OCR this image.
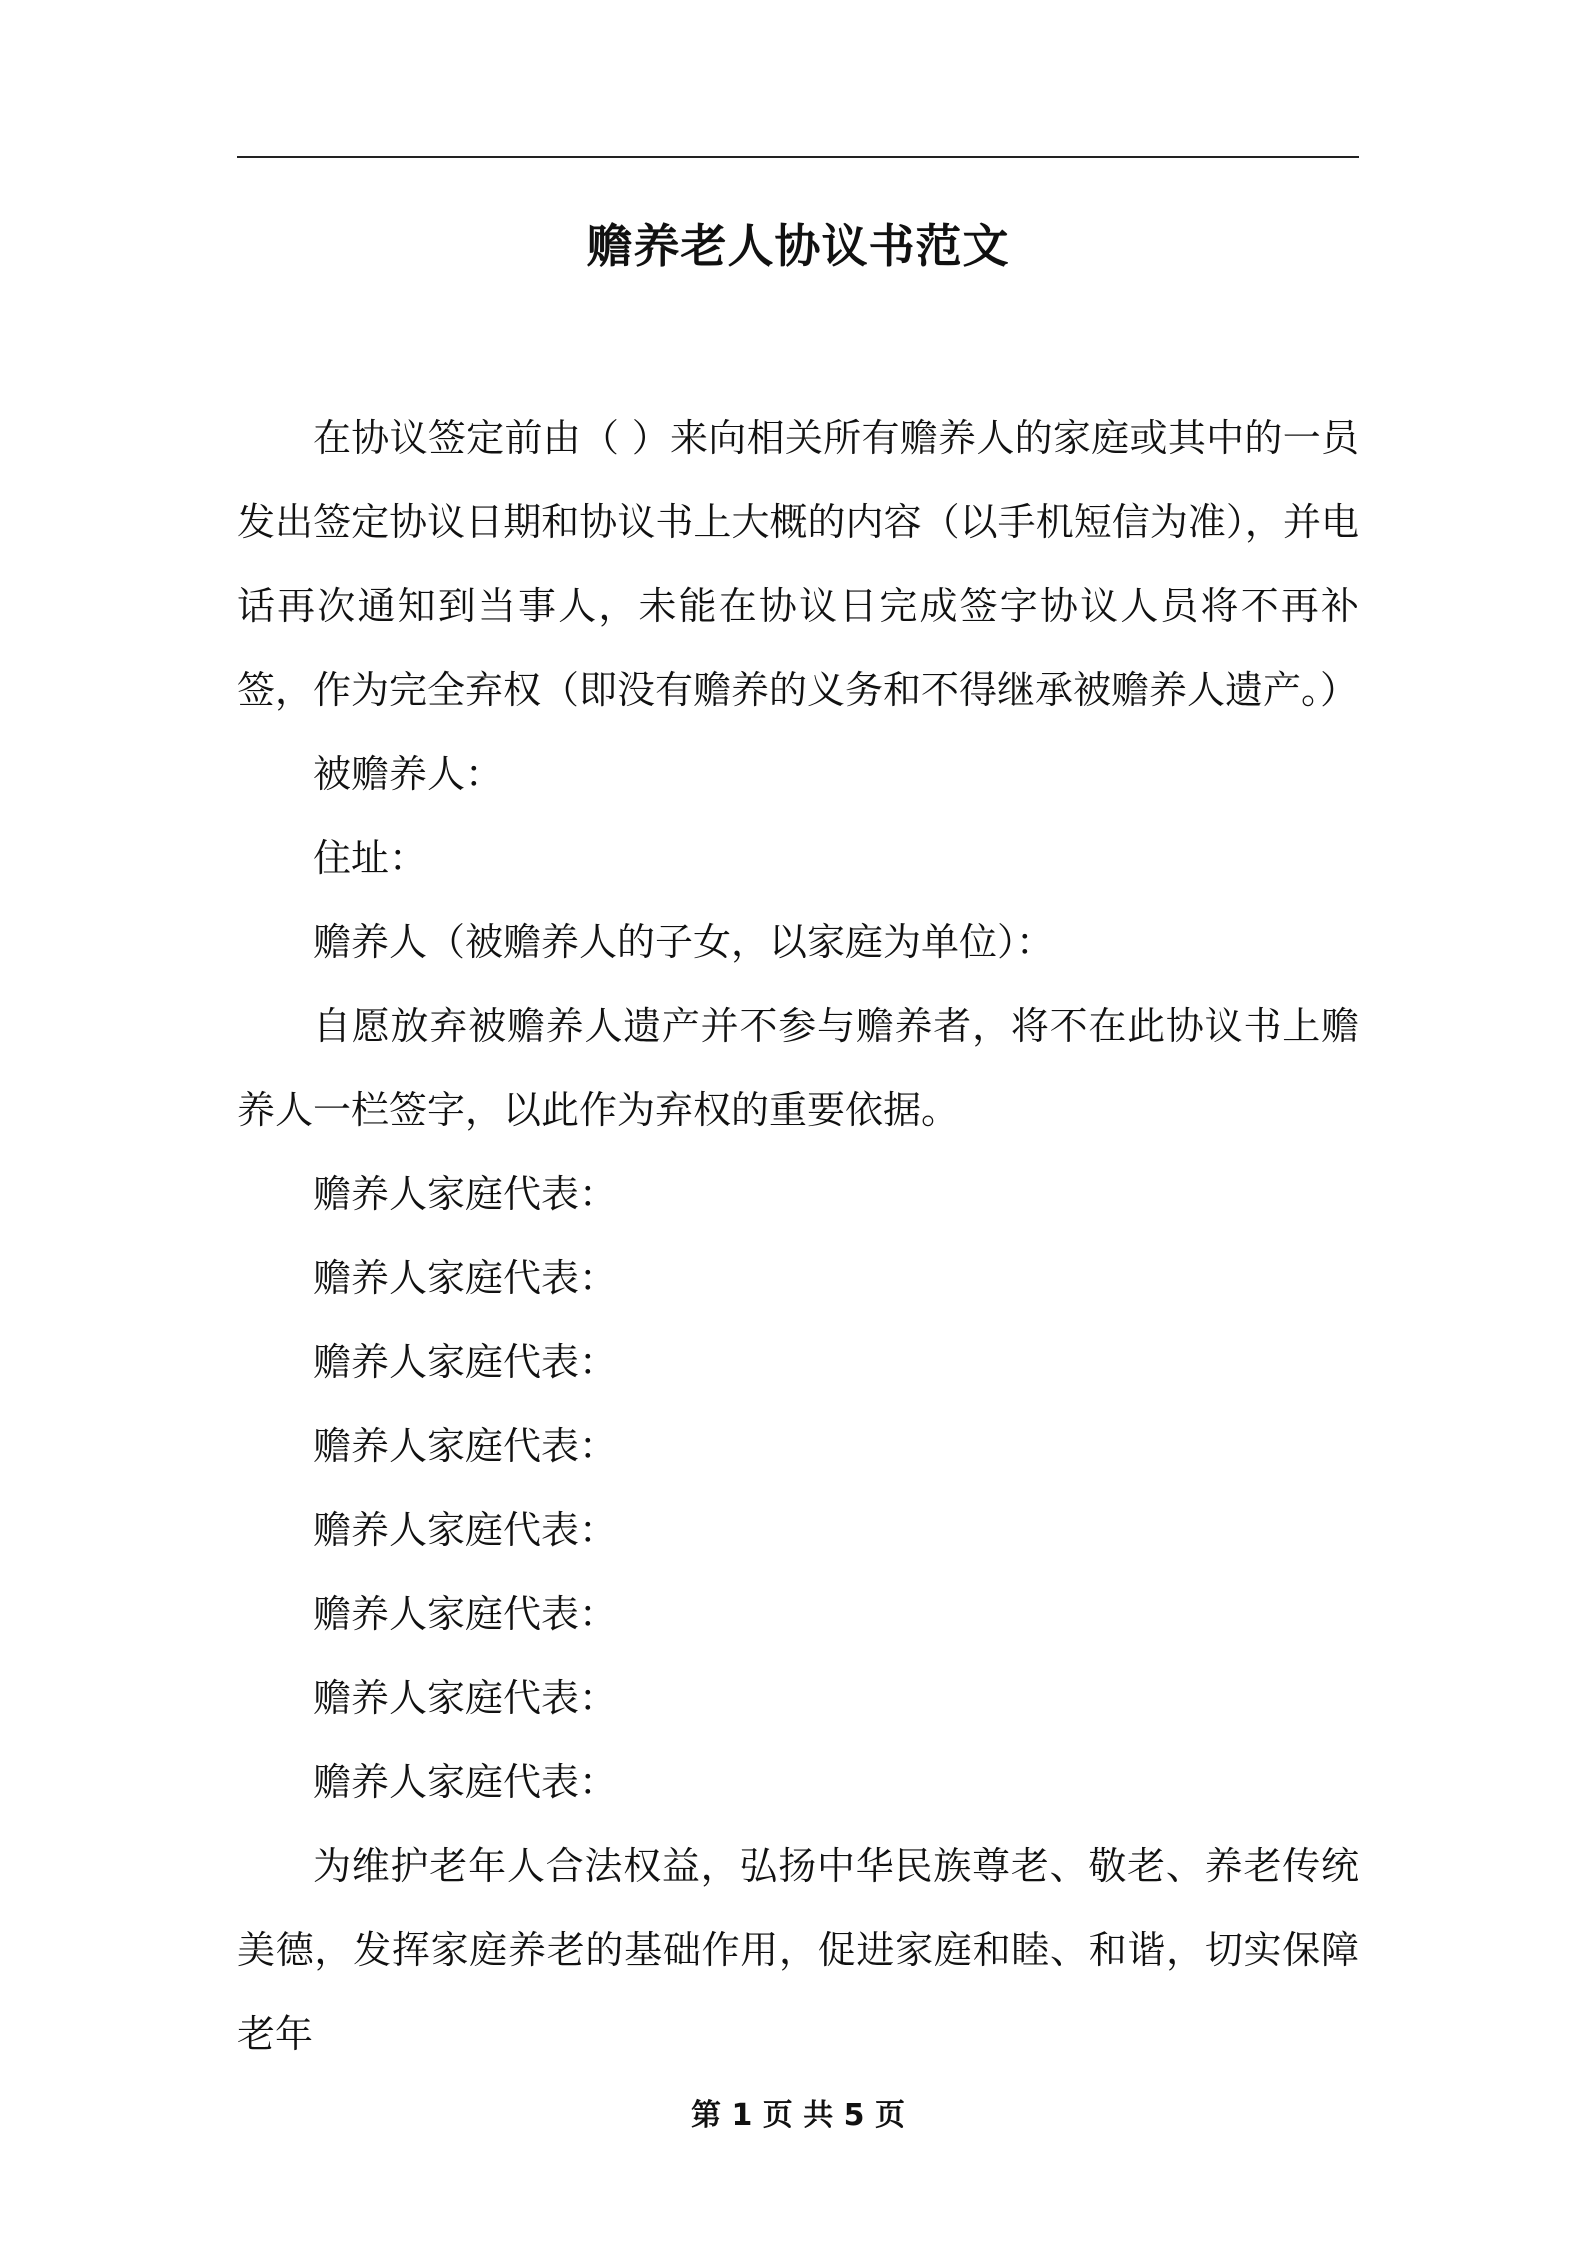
赡养老人协议书范文

在协议签定前由（ ）来向相关所有赡养人的家庭或其中的一员发出签定协议日期和协议书上大概的内容（以手机短信为准），并电话再次通知到当事人，未能在协议日完成签字协议人员将不再补签，作为完全弃权（即没有赡养的义务和不得继承被赡养人遗产。）

被赡养人：

住址：

赡养人（被赡养人的子女，以家庭为单位）：

自愿放弃被赡养人遗产并不参与赡养者，将不在此协议书上赡养人一栏签字，以此作为弃权的重要依据。

赡养人家庭代表：

赡养人家庭代表：

赡养人家庭代表：

赡养人家庭代表：

赡养人家庭代表：

赡养人家庭代表：

赡养人家庭代表：

赡养人家庭代表：

为维护老年人合法权益，弘扬中华民族尊老、敬老、养老传统美德，发挥家庭养老的基础作用，促进家庭和睦、和谐，切实保障老年

第 1 页 共 5 页
